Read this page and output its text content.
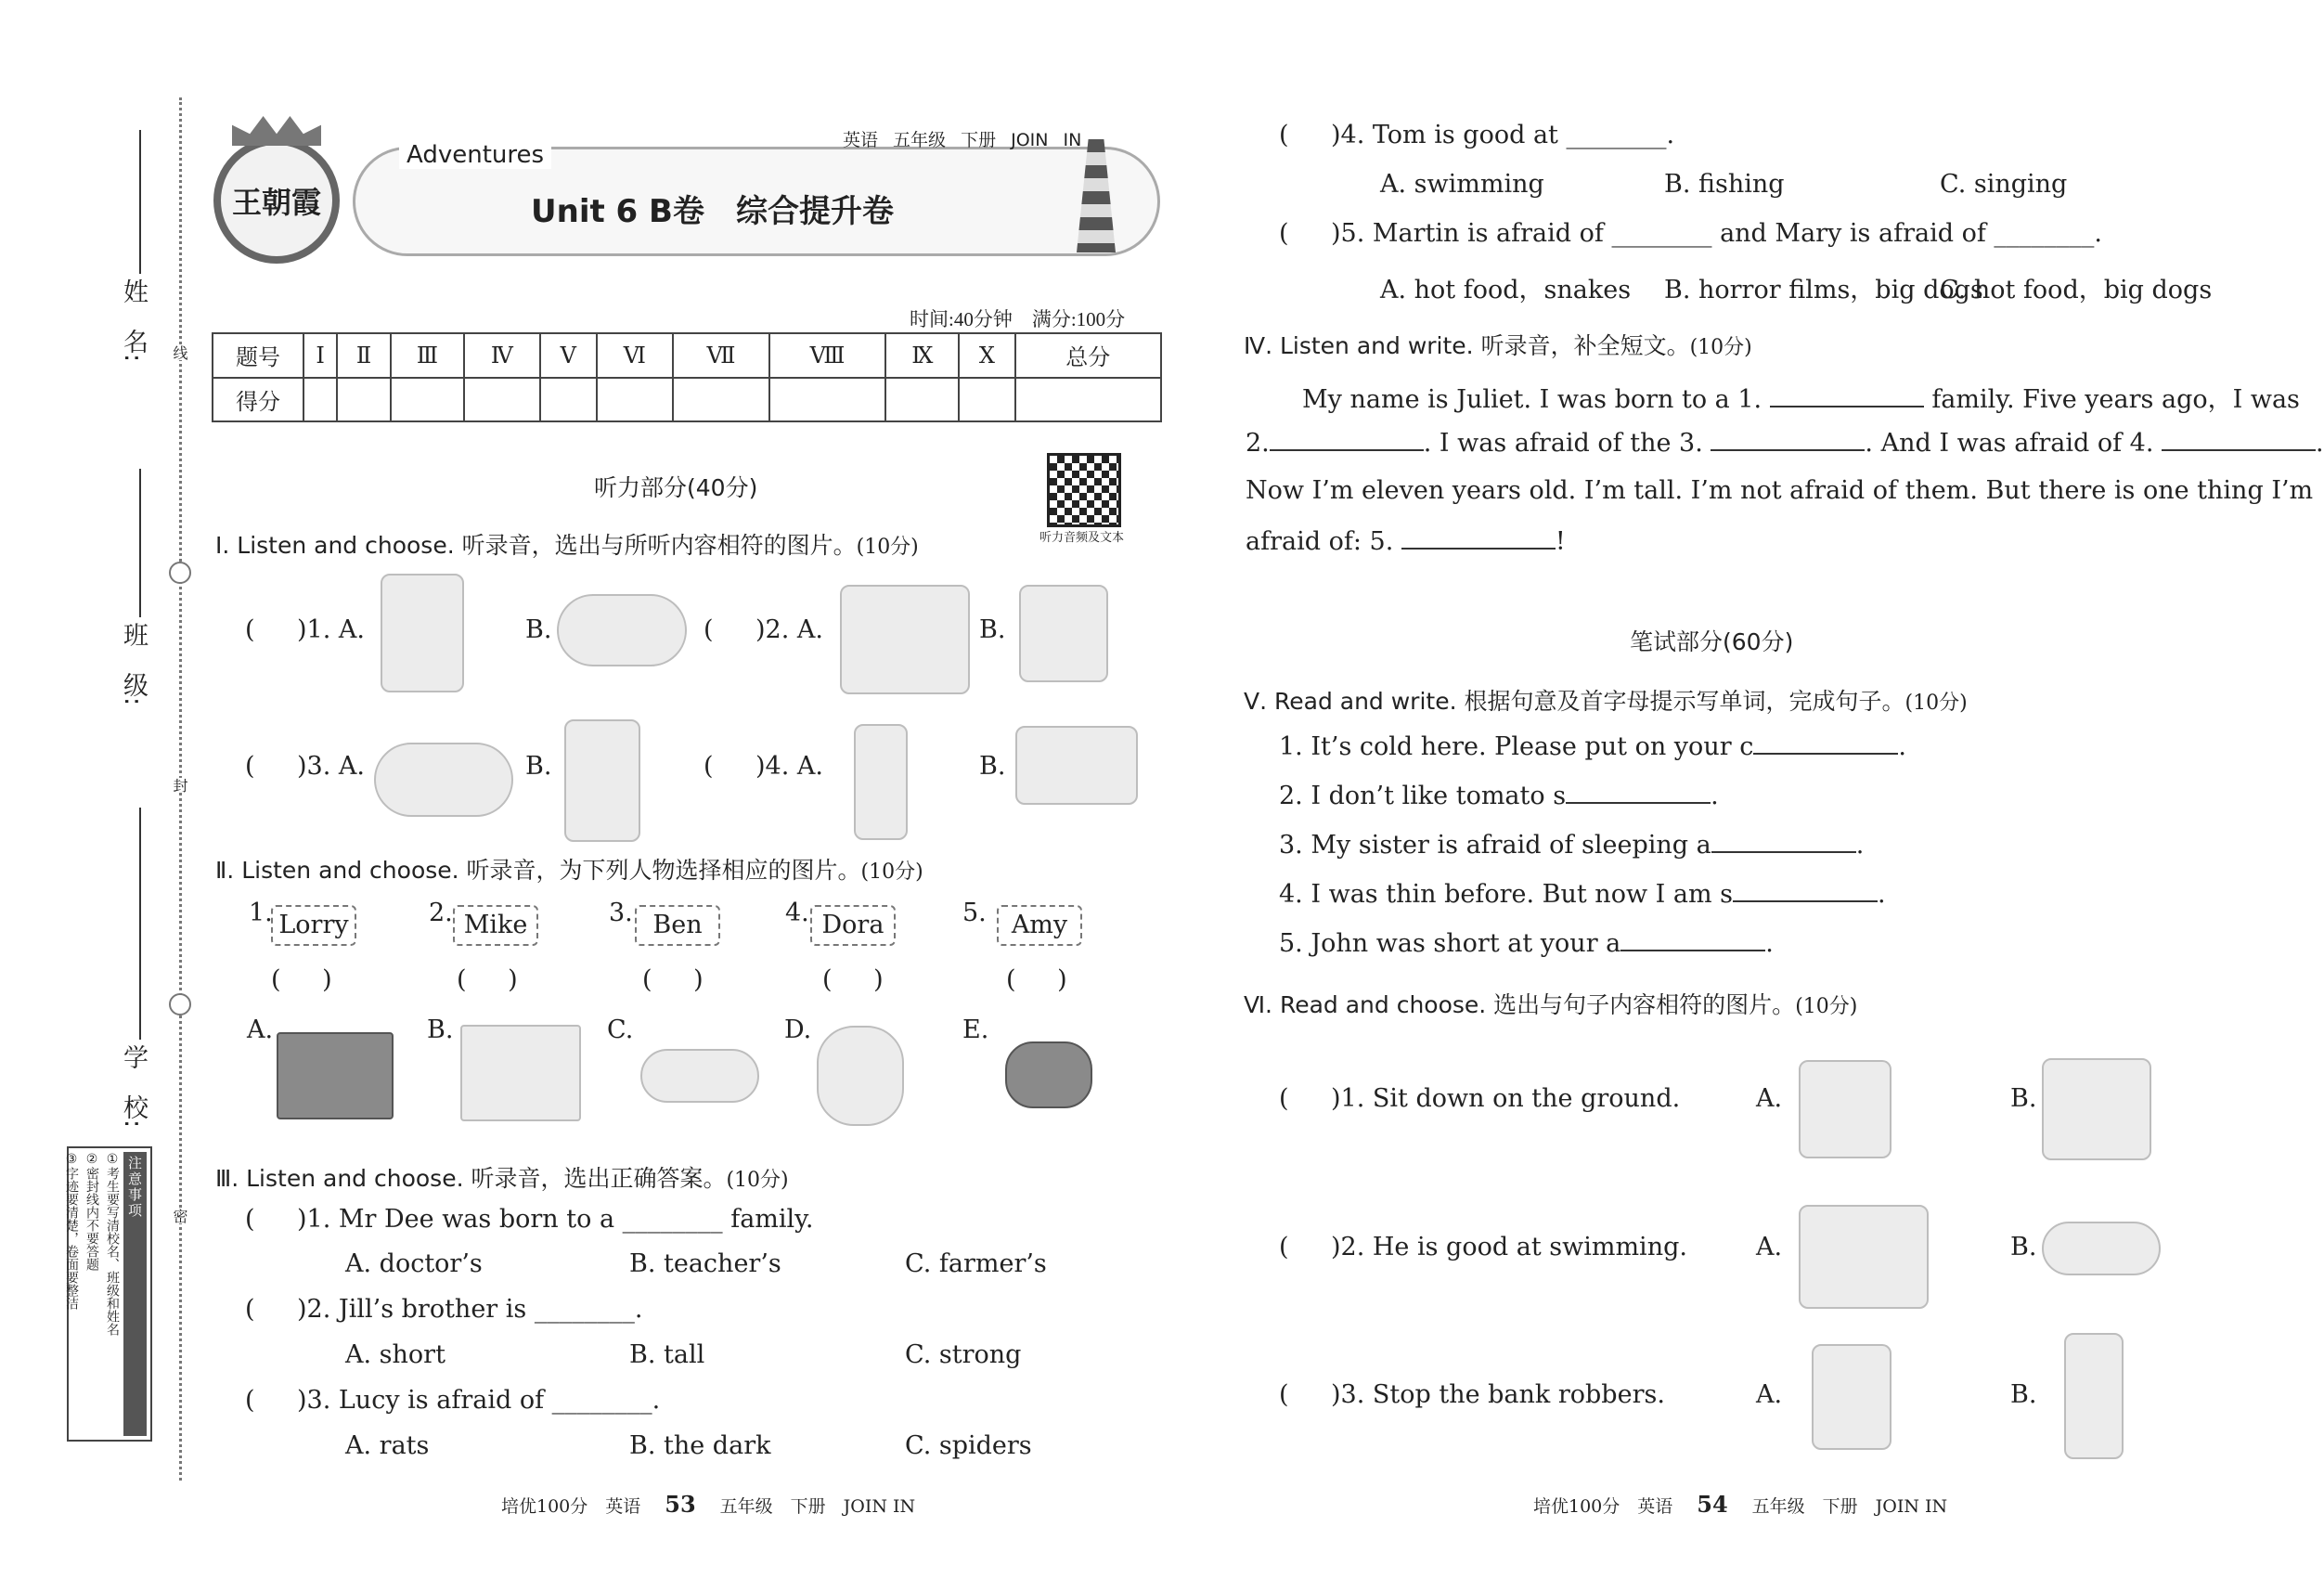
姓　名:
班　级:
学　校:
线
封
密
注意事项
①考生要写清校名、班级和姓名
②密封线内不要答题
③字迹要清楚，卷面要整洁
王朝霞
Adventures
英语 五年级 下册 JOIN IN
Unit 6 B卷　综合提升卷
时间:40分钟　满分:100分
题号	Ⅰ	Ⅱ	Ⅲ	Ⅳ	Ⅴ	Ⅵ	Ⅶ	Ⅷ	Ⅸ	Ⅹ	总分
得分											
听力部分(40分)
听力音频及文本
Ⅰ. Listen and choose. 听录音，选出与所听内容相符的图片。(10分)
( )1. A.	B.	( )2. A.	B.
( )3. A.	B.	( )4. A.	B.
Ⅱ. Listen and choose. 听录音，为下列人物选择相应的图片。(10分)
1. Lorry
( )
2. Mike
( )
3. Ben
( )
4. Dora
( )
5.	Amy
( )
A.	B.	C.	D.	E.
Ⅲ. Listen and choose. 听录音，选出正确答案。(10分)
( )1. Mr Dee was born to a ________ family.
A. doctor’s	B. teacher’s	C. farmer’s
( )2. Jill’s brother is ________.
A. short	B. tall	C. strong
( )3. Lucy is afraid of ________.
A. rats	B. the dark	C. spiders
培优100分　英语 53 五年级　下册　JOIN IN
( )4. Tom is good at ________.
A. swimming	B. fishing	C. singing
( )5. Martin is afraid of ________ and Mary is afraid of ________.
A. hot food，snakes B. horror films，big dogs
C. hot food，big dogs
Ⅳ. Listen and write. 听录音，补全短文。(10分)
My name is Juliet. I was born to a 1.	family. Five years ago，I was
2.	. I was afraid of the 3.	. And I was afraid of 4.	.
Now I’m eleven years old. I’m tall. I’m not afraid of them. But there is one thing I’m
afraid of: 5.	!
笔试部分(60分)
Ⅴ. Read and write. 根据句意及首字母提示写单词，完成句子。(10分)
1. It’s cold here. Please put on your c	.
2. I don’t like tomato s	.
3. My sister is afraid of sleeping a	.
4. I was thin before. But now I am s	.
5. John was short at your a	.
Ⅵ. Read and choose. 选出与句子内容相符的图片。(10分)
( )1. Sit down on the ground.	A.	B.
( )2. He is good at swimming.	A.	B.
( )3. Stop the bank robbers.	A.	B.
培优100分　英语 54 五年级　下册　JOIN IN
